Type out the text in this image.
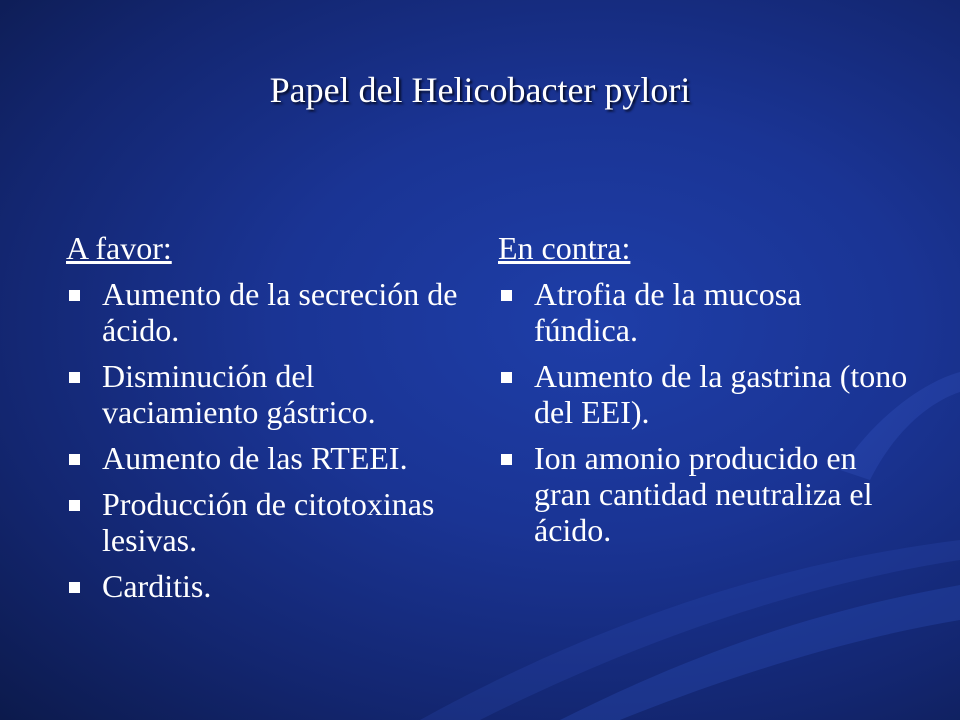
Papel del Helicobacter pylori
A favor:
Aumento de la secreción de ácido.
Disminución del vaciamiento gástrico.
Aumento de las RTEEI.
Producción de citotoxinas lesivas.
Carditis.
En contra:
Atrofia de la mucosa fúndica.
Aumento de la gastrina (tono del EEI).
Ion amonio producido en gran cantidad neutraliza el ácido.
